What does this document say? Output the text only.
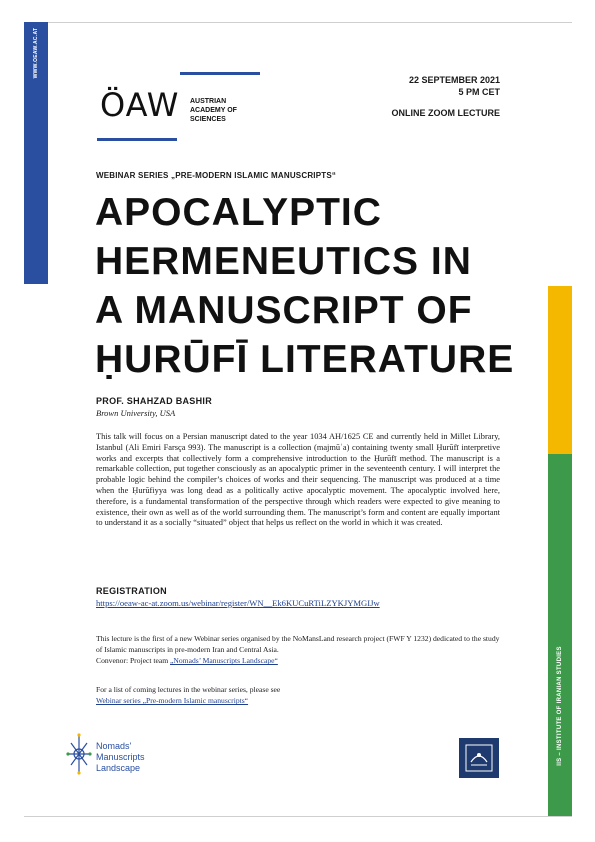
WWW.OEAW.AC.AT
IIS – INSTITUTE OF IRANIAN STUDIES
ÖAW AUSTRIAN
ACADEMY OF
SCIENCES
22 SEPTEMBER 2021
5 PM CET
ONLINE ZOOM LECTURE
WEBINAR SERIES „PRE-MODERN ISLAMIC MANUSCRIPTS“
APOCALYPTIC
HERMENEUTICS IN
A MANUSCRIPT OF
ḤURŪFĪ LITERATURE
PROF. SHAHZAD BASHIR
Brown University, USA
This talk will focus on a Persian manuscript dated to the year 1034 AH/1625 CE and currently held in Millet Library, Istanbul (Ali Emiri Farsça 993). The manuscript is a collection (majmūʿa) containing twenty small Ḥurūfī interpretive works and excerpts that collectively form a comprehensive introduction to the Ḥurūfī method. The manuscript is a remarkable collection, put together consciously as an apocalyptic primer in the seventeenth century. I will interpret the probable logic behind the compiler’s choices of works and their sequencing. The manuscript was produced at a time when the Ḥurūfiyya was long dead as a politically active apocalyptic movement. The apocalyptic involved here, therefore, is a fundamental transformation of the perspective through which readers were expected to give meaning to existence, their own as well as of the world surrounding them. The manuscript’s form and content are equally important to understand it as a socially “situated” object that helps us reflect on the world in which it was created.
REGISTRATION
https://oeaw-ac-at.zoom.us/webinar/register/WN__Ek6KUCuRTiLZYKJYMGIJw
This lecture is the first of a new Webinar series organised by the NoMansLand research project (FWF Y 1232) dedicated to the study of Islamic manuscripts in pre-modern Iran and Central Asia.
Convenor: Project team „Nomads’ Manuscripts Landscape“
For a list of coming lectures in the webinar series, please see
Webinar series „Pre-modern Islamic manuscripts“
Nomads'
Manuscripts
Landscape
